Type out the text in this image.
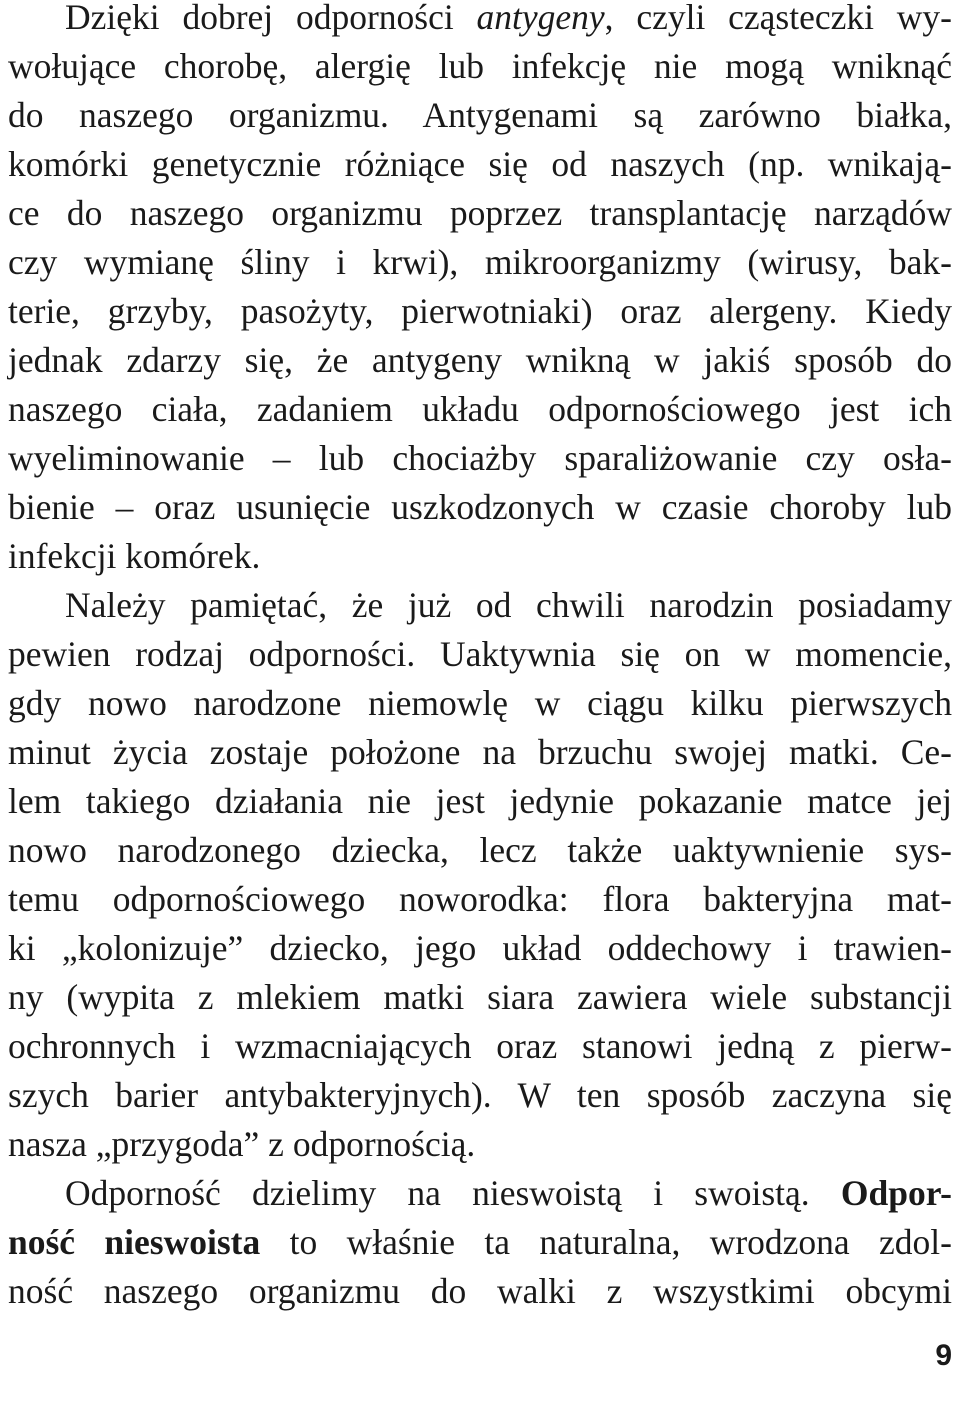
Dzięki dobrej odporności antygeny, czyli cząsteczki wy-
wołujące chorobę, alergię lub infekcję nie mogą wniknąć
do naszego organizmu. Antygenami są zarówno białka,
komórki genetycznie różniące się od naszych (np. wnikają-
ce do naszego organizmu poprzez transplantację narządów
czy wymianę śliny i krwi), mikroorganizmy (wirusy, bak-
terie, grzyby, pasożyty, pierwotniaki) oraz alergeny. Kiedy
jednak zdarzy się, że antygeny wnikną w jakiś sposób do
naszego ciała, zadaniem układu odpornościowego jest ich
wyeliminowanie – lub chociażby sparaliżowanie czy osła-
bienie – oraz usunięcie uszkodzonych w czasie choroby lub
infekcji komórek.
Należy pamiętać, że już od chwili narodzin posiadamy
pewien rodzaj odporności. Uaktywnia się on w momencie,
gdy nowo narodzone niemowlę w ciągu kilku pierwszych
minut życia zostaje położone na brzuchu swojej matki. Ce-
lem takiego działania nie jest jedynie pokazanie matce jej
nowo narodzonego dziecka, lecz także uaktywnienie sys-
temu odpornościowego noworodka: flora bakteryjna mat-
ki „kolonizuje” dziecko, jego układ oddechowy i trawien-
ny (wypita z mlekiem matki siara zawiera wiele substancji
ochronnych i wzmacniających oraz stanowi jedną z pierw-
szych barier antybakteryjnych). W ten sposób zaczyna się
nasza „przygoda” z odpornością.
Odporność dzielimy na nieswoistą i swoistą. Odpor-
ność nieswoista to właśnie ta naturalna, wrodzona zdol-
ność naszego organizmu do walki z wszystkimi obcymi
9
